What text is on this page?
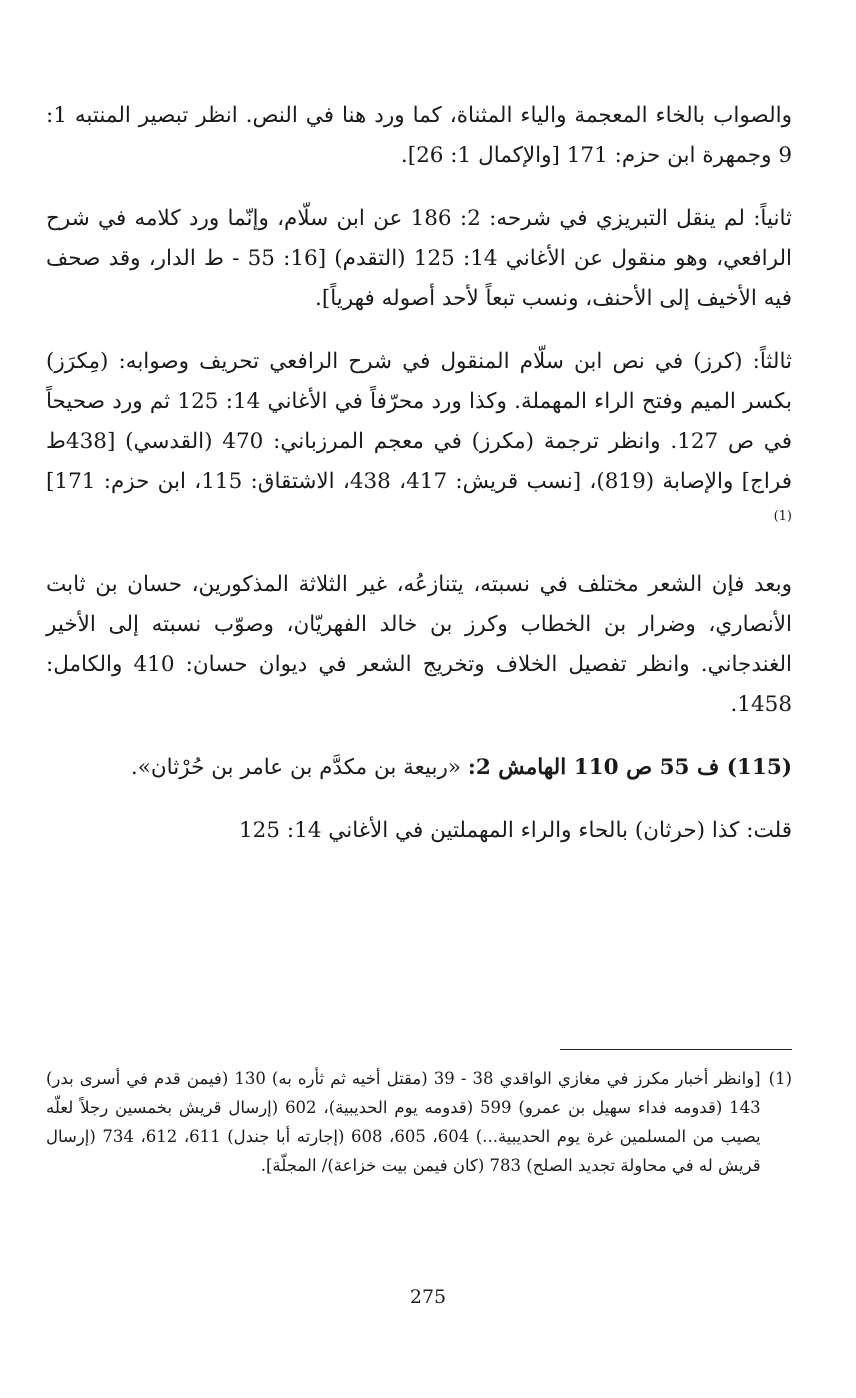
والصواب بالخاء المعجمة والياء المثناة، كما ورد هنا في النص. انظر تبصير المنتبه 1: 9 وجمهرة ابن حزم: 171 [والإكمال 1: 26].

ثانياً: لم ينقل التبريزي في شرحه: 2: 186 عن ابن سلّام، وإنّما ورد كلامه في شرح الرافعي، وهو منقول عن الأغاني 14: 125 (التقدم) [16: 55 - ط الدار، وقد صحف فيه الأخيف إلى الأحنف، ونسب تبعاً لأحد أصوله فهرياً].

ثالثاً: (كرز) في نص ابن سلّام المنقول في شرح الرافعي تحريف وصوابه: (مِكرَز) بكسر الميم وفتح الراء المهملة. وكذا ورد محرّفاً في الأغاني 14: 125 ثم ورد صحيحاً في ص 127. وانظر ترجمة (مكرز) في معجم المرزباني: 470 (القدسي) [438ط فراج] والإصابة (819)، [نسب قريش: 417، 438، الاشتقاق: 115، ابن حزم: 171]$^{(1)}$

وبعد فإن الشعر مختلف في نسبته، يتنازعُه، غير الثلاثة المذكورين، حسان بن ثابت الأنصاري، وضرار بن الخطاب وكرز بن خالد الفهريّان، وصوّب نسبته إلى الأخير الغندجاني. وانظر تفصيل الخلاف وتخريج الشعر في ديوان حسان: 410 والكامل: 1458.

(115) ف 55 ص 110 الهامش 2: «ربيعة بن مكدَّم بن عامر بن حُرْثان».

قلت: كذا (حرثان) بالحاء والراء المهملتين في الأغاني 14: 125

(1)
[وانظر أخبار مكرز في مغازي الواقدي 38 - 39 (مقتل أخيه ثم ثأره به) 130 (فيمن قدم في أسرى بدر) 143 (قدومه فداء سهيل بن عمرو) 599 (قدومه يوم الحديبية)، 602 (إرسال قريش بخمسين رجلاً لعلّه يصيب من المسلمين غرة يوم الحديبية...) 604، 605، 608 (إجارته أبا جندل) 611، 612، 734 (إرسال قريش له في محاولة تجديد الصلح) 783 (كان فيمن بيت خزاعة)/ المجلّة].
275
